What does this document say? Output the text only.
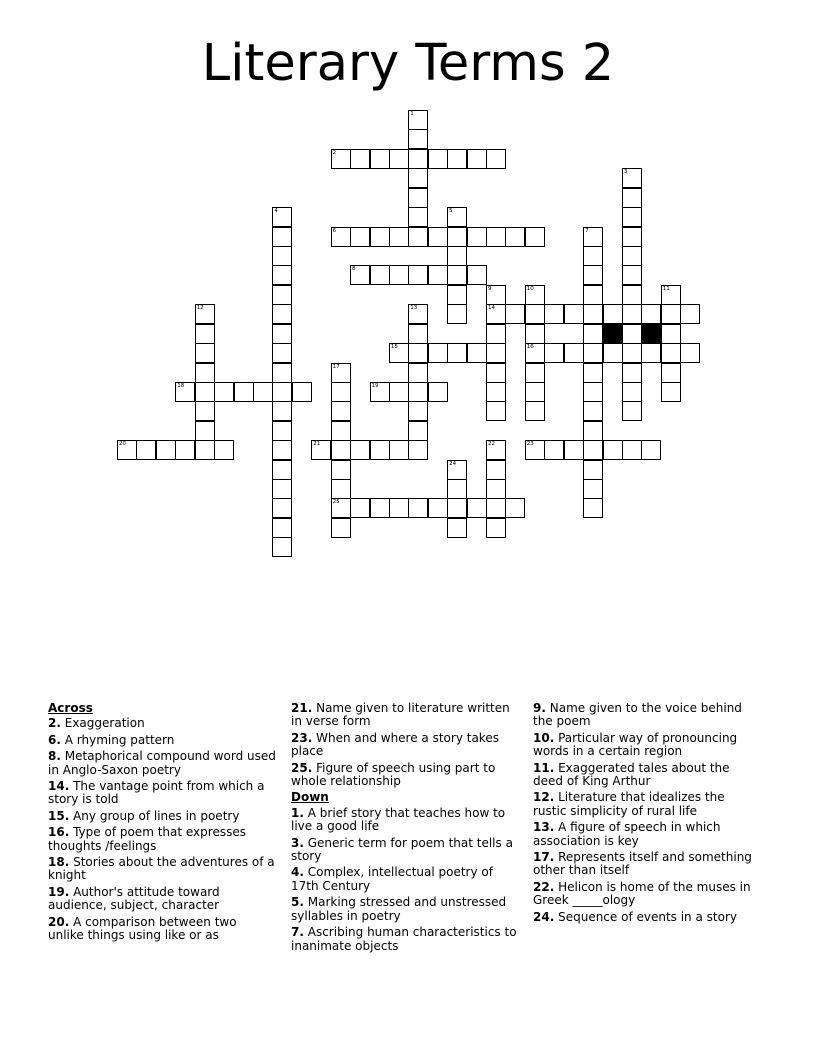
Literary Terms 2
2
6
8
14
15	16
18	19
20	21	23
25
1
3
4	5
7
9	10	11
12	13
17
22
24
Across
2. Exaggeration
6. A rhyming pattern
8. Metaphorical compound word used in Anglo-Saxon poetry
14. The vantage point from which a story is told
15. Any group of lines in poetry
16. Type of poem that expresses thoughts /feelings
18. Stories about the adventures of a knight
19. Author's attitude toward audience, subject, character
20. A comparison between two unlike things using like or as
21. Name given to literature written in verse form
23. When and where a story takes place
25. Figure of speech using part to whole relationship
Down
1. A brief story that teaches how to live a good life
3. Generic term for poem that tells a story
4. Complex, intellectual poetry of 17th Century
5. Marking stressed and unstressed syllables in poetry
7. Ascribing human characteristics to inanimate objects
9. Name given to the voice behind the poem
10. Particular way of pronouncing words in a certain region
11. Exaggerated tales about the deed of King Arthur
12. Literature that idealizes the rustic simplicity of rural life
13. A figure of speech in which association is key
17. Represents itself and something other than itself
22. Helicon is home of the muses in Greek _____ology
24. Sequence of events in a story
